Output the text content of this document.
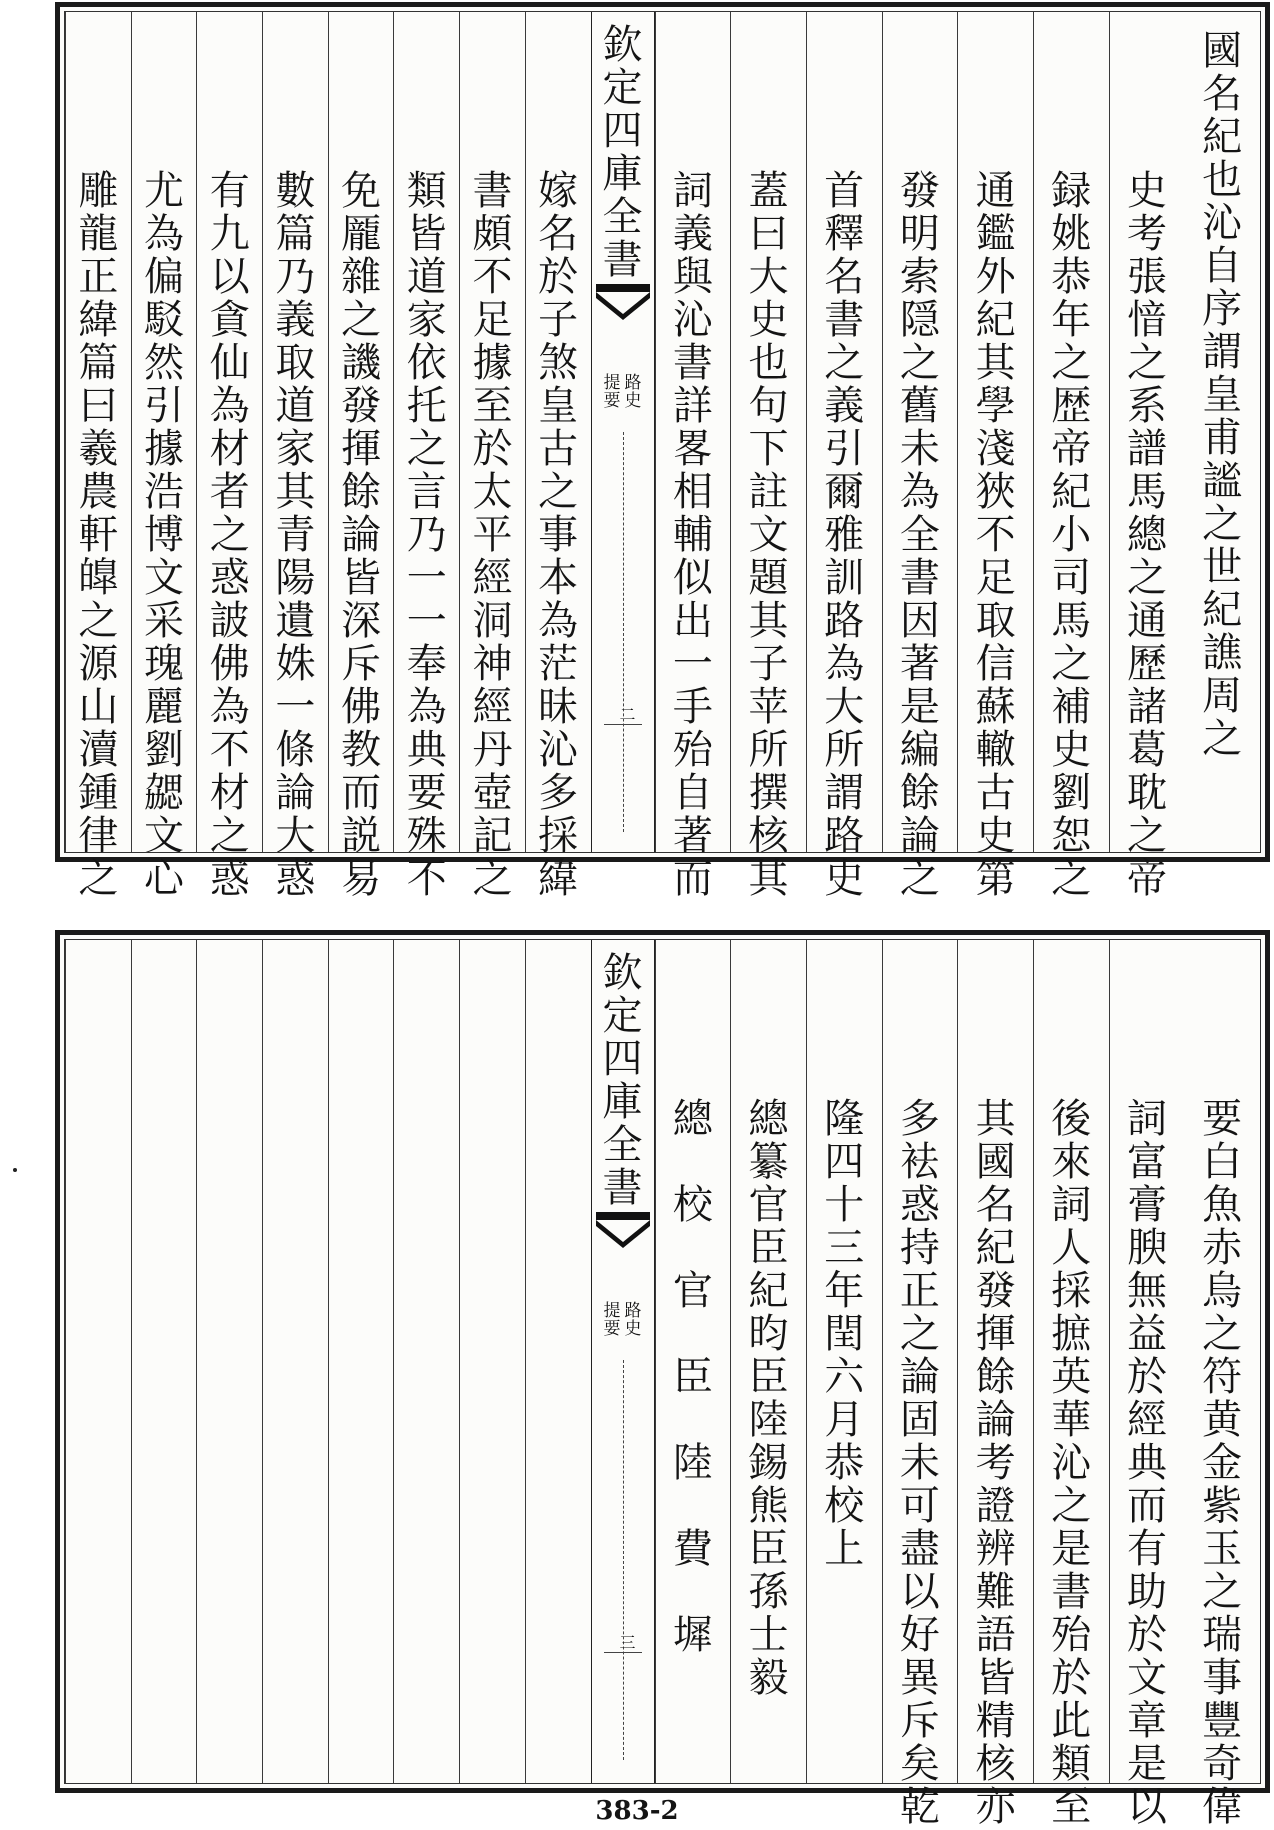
國
名
紀
也
沁
自
序
謂
皇
甫
謐
之
世
紀
譙
周
之
史
考
張
愔
之
系
譜
馬
總
之
通
歷
諸
葛
耽
之
帝
録
姚
恭
年
之
歴
帝
紀
小
司
馬
之
補
史
劉
恕
之
通
鑑
外
紀
其
學
淺
狹
不
足
取
信
蘇
轍
古
史
第
發
明
索
隠
之
舊
未
為
全
書
因
著
是
編
餘
論
之
首
釋
名
書
之
義
引
爾
雅
訓
路
為
大
所
謂
路
史
蓋
曰
大
史
也
句
下
註
文
題
其
子
苹
所
撰
核
其
詞
義
與
沁
書
詳
畧
相
輔
似
出
一
手
殆
自
著
而
嫁
名
於
子
煞
皇
古
之
事
本
為
茫
昧
沁
多
採
緯
書
頗
不
足
據
至
於
太
平
經
洞
神
經
丹
壺
記
之
類
皆
道
家
依
托
之
言
乃
一
一
奉
為
典
要
殊
不
免
龎
雜
之
譏
發
揮
餘
論
皆
深
斥
佛
教
而
説
易
數
篇
乃
義
取
道
家
其
青
陽
遺
姝
一
條
論
大
惑
有
九
以
貪
仙
為
材
者
之
惑
詖
佛
為
不
材
之
惑
尤
為
偏
駁
然
引
據
浩
博
文
采
瑰
麗
劉
勰
文
心
雕
龍
正
緯
篇
曰
羲
農
軒
皥
之
源
山
瀆
鍾
律
之
欽
定
四
庫
全
書
路
史
提
要
二
要
白
魚
赤
烏
之
符
黄
金
紫
玉
之
瑞
事
豐
奇
偉
詞
富
膏
腴
無
益
於
經
典
而
有
助
於
文
章
是
以
後
來
詞
人
採
摭
英
華
沁
之
是
書
殆
於
此
類
至
其
國
名
紀
發
揮
餘
論
考
證
辨
難
語
皆
精
核
亦
多
袪
惑
持
正
之
論
固
未
可
盡
以
好
異
斥
矣
乾
隆
四
十
三
年
閏
六
月
恭
校
上
總
纂
官
臣
紀
昀
臣
陸
錫
熊
臣
孫
士
毅
總

校

官

臣

陸

費

墀
欽
定
四
庫
全
書
路
史
提
要
三
383-2
